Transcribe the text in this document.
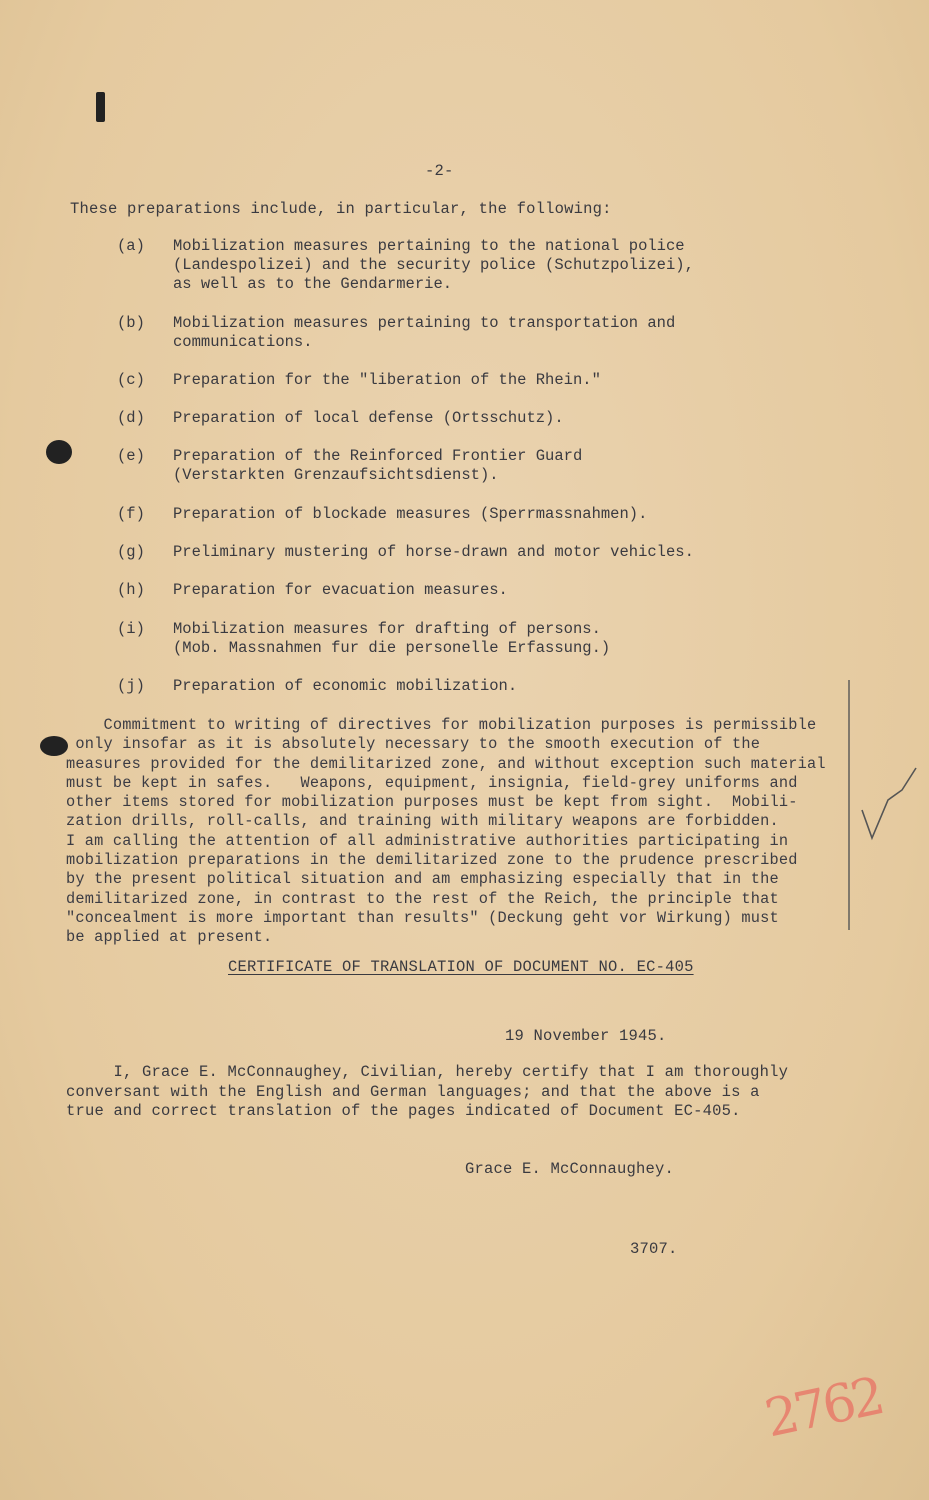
-2-
These preparations include, in particular, the following:
(a) Mobilization measures pertaining to the national police
(Landespolizei) and the security police (Schutzpolizei),
as well as to the Gendarmerie.
(b) Mobilization measures pertaining to transportation and
communications.
(c) Preparation for the "liberation of the Rhein."
(d) Preparation of local defense (Ortsschutz).
(e) Preparation of the Reinforced Frontier Guard
(Verstarkten Grenzaufsichtsdienst).
(f) Preparation of blockade measures (Sperrmassnahmen).
(g) Preliminary mustering of horse-drawn and motor vehicles.
(h) Preparation for evacuation measures.
(i) Mobilization measures for drafting of persons.
(Mob. Massnahmen fur die personelle Erfassung.)
(j) Preparation of economic mobilization.
Commitment to writing of directives for mobilization purposes is permissible
only insofar as it is absolutely necessary to the smooth execution of the
measures provided for the demilitarized zone, and without exception such material
must be kept in safes.   Weapons, equipment, insignia, field-grey uniforms and
other items stored for mobilization purposes must be kept from sight.  Mobili-
zation drills, roll-calls, and training with military weapons are forbidden.
I am calling the attention of all administrative authorities participating in
mobilization preparations in the demilitarized zone to the prudence prescribed
by the present political situation and am emphasizing especially that in the
demilitarized zone, in contrast to the rest of the Reich, the principle that
"concealment is more important than results" (Deckung geht vor Wirkung) must
be applied at present.
CERTIFICATE OF TRANSLATION OF DOCUMENT NO. EC-405
19 November 1945.
I, Grace E. McConnaughey, Civilian, hereby certify that I am thoroughly
conversant with the English and German languages; and that the above is a
true and correct translation of the pages indicated of Document EC-405.
Grace E. McConnaughey.
3707.
2762
